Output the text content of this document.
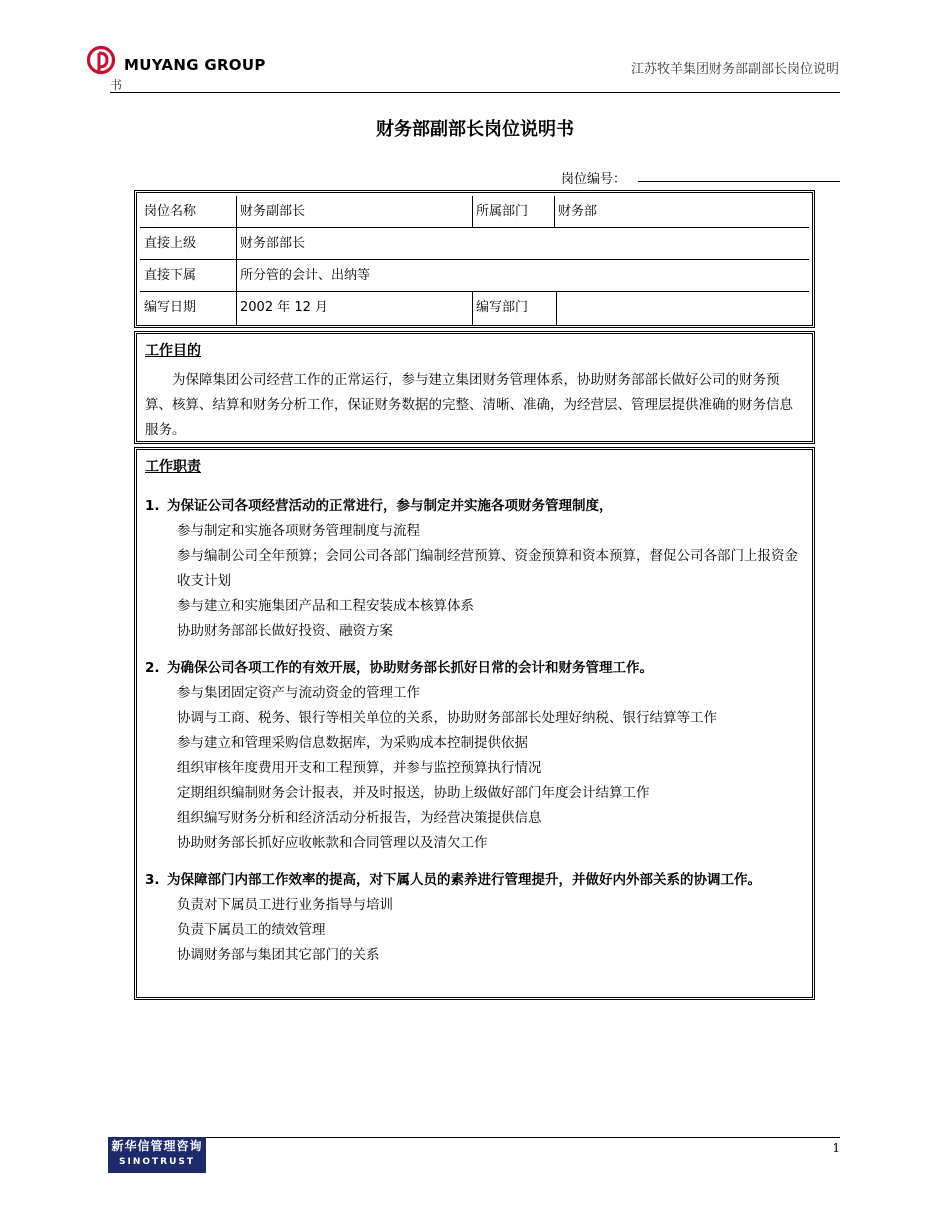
MUYANG GROUP	江苏牧羊集团财务部副部长岗位说明
书
财务部副部长岗位说明书
岗位编号：
岗位名称	财务副部长	所属部门	财务部
直接上级	财务部部长
直接下属	所分管的会计、出纳等
编写日期	2002 年 12 月	编写部门
工作目的

为保障集团公司经营工作的正常运行，参与建立集团财务管理体系，协助财务部部长做好公司的财务预算、核算、结算和财务分析工作，保证财务数据的完整、清晰、准确，为经营层、管理层提供准确的财务信息服务。

工作职责

1. 为保证公司各项经营活动的正常进行，参与制定并实施各项财务管理制度，

参与制定和实施各项财务管理制度与流程
参与编制公司全年预算；会同公司各部门编制经营预算、资金预算和资本预算，督促公司各部门上报资金收支计划
参与建立和实施集团产品和工程安装成本核算体系
协助财务部部长做好投资、融资方案

2. 为确保公司各项工作的有效开展，协助财务部长抓好日常的会计和财务管理工作。

参与集团固定资产与流动资金的管理工作
协调与工商、税务、银行等相关单位的关系，协助财务部部长处理好纳税、银行结算等工作
参与建立和管理采购信息数据库，为采购成本控制提供依据
组织审核年度费用开支和工程预算，并参与监控预算执行情况
定期组织编制财务会计报表，并及时报送，协助上级做好部门年度会计结算工作
组织编写财务分析和经济活动分析报告，为经营决策提供信息
协助财务部长抓好应收帐款和合同管理以及清欠工作

3. 为保障部门内部工作效率的提高，对下属人员的素养进行管理提升，并做好内外部关系的协调工作。

负责对下属员工进行业务指导与培训
负责下属员工的绩效管理
协调财务部与集团其它部门的关系
新华信管理咨询
SINOTRUST
1
